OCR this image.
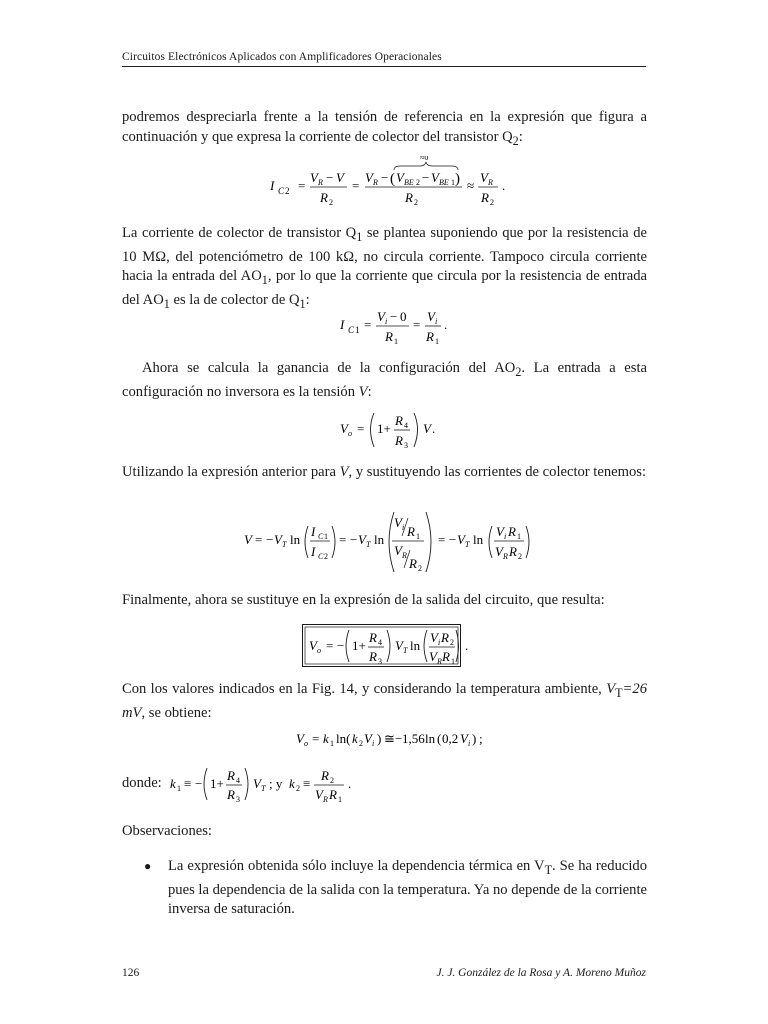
Circuitos Electrónicos Aplicados con Amplificadores Operacionales
podremos despreciarla frente a la tensión de referencia en la expresión que figura a continuación y que expresa la corriente de colector del transistor $Q_2$:
I C 2 =
V R − V
R 2
=
V R − ( V BE 2 − V BE 1 )
≈0
R 2
≈
V R
R 2
.
La corriente de colector de transistor $Q_1$ se plantea suponiendo que por la resistencia de 10 MΩ, del potenciómetro de 100 kΩ, no circula corriente. Tampoco circula corriente hacia la entrada del $AO_1$, por lo que la corriente que circula por la resistencia de entrada del $AO_1$ es la de colector de $Q_1$:
I C 1 =
V i − 0
R 1
=
V i
R 1
.
Ahora se calcula la ganancia de la configuración del $AO_2$. La entrada a esta configuración no inversora es la tensión V:
V o = 1+
R 4
R 3
V .
Utilizando la expresión anterior para V, y sustituyendo las corrientes de colector tenemos:
V = − V T ln
I C 1
I C 2
= − V T ln
V i R 1
V R
R 2
= − V T ln
V i R 1
V R R 2
Finalmente, ahora se sustituye en la expresión de la salida del circuito, que resulta:
V o = − 1+
R 4
R 3
V T ln
V i R 2
V R R 1
.
Con los valores indicados en la Fig. 14, y considerando la temperatura ambiente, $V_T=26$ mV, se obtiene:
V o = k 1 ln( k 2 V i ) ≅ − 1,56 ln ( 0,2 V i ) ;
donde: k 1 ≡ − 1+
R 4
R 3
V T ; y k 2 ≡
R 2
V R R 1
.
Observaciones:
● La expresión obtenida sólo incluye la dependencia térmica en $V_T$. Se ha reducido pues la dependencia de la salida con la temperatura. Ya no depende de la corriente inversa de saturación.
126	J. J. González de la Rosa y A. Moreno Muñoz
